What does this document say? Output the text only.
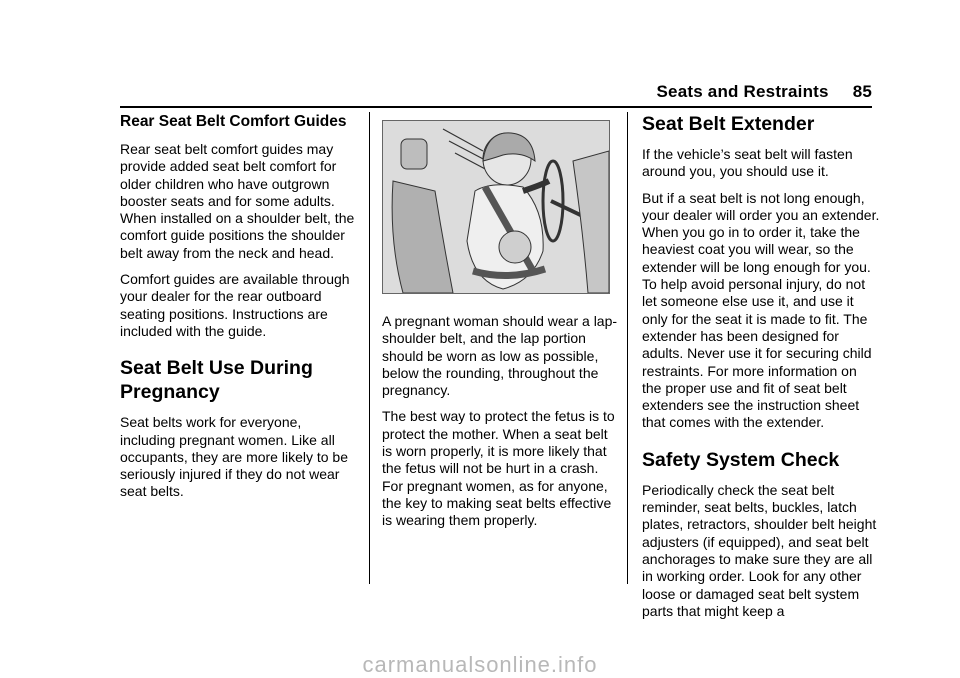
Seats and Restraints 85
Rear Seat Belt Comfort Guides

Rear seat belt comfort guides may provide added seat belt comfort for older children who have outgrown booster seats and for some adults. When installed on a shoulder belt, the comfort guide positions the shoulder belt away from the neck and head.

Comfort guides are available through your dealer for the rear outboard seating positions. Instructions are included with the guide.

Seat Belt Use During Pregnancy

Seat belts work for everyone, including pregnant women. Like all occupants, they are more likely to be seriously injured if they do not wear seat belts.

A pregnant woman should wear a lap-shoulder belt, and the lap portion should be worn as low as possible, below the rounding, throughout the pregnancy.

The best way to protect the fetus is to protect the mother. When a seat belt is worn properly, it is more likely that the fetus will not be hurt in a crash. For pregnant women, as for anyone, the key to making seat belts effective is wearing them properly.

Seat Belt Extender

If the vehicle’s seat belt will fasten around you, you should use it.

But if a seat belt is not long enough, your dealer will order you an extender. When you go in to order it, take the heaviest coat you will wear, so the extender will be long enough for you. To help avoid personal injury, do not let someone else use it, and use it only for the seat it is made to fit. The extender has been designed for adults. Never use it for securing child restraints. For more information on the proper use and fit of seat belt extenders see the instruction sheet that comes with the extender.

Safety System Check

Periodically check the seat belt reminder, seat belts, buckles, latch plates, retractors, shoulder belt height adjusters (if equipped), and seat belt anchorages to make sure they are all in working order. Look for any other loose or damaged seat belt system parts that might keep a

carmanualsonline.info
